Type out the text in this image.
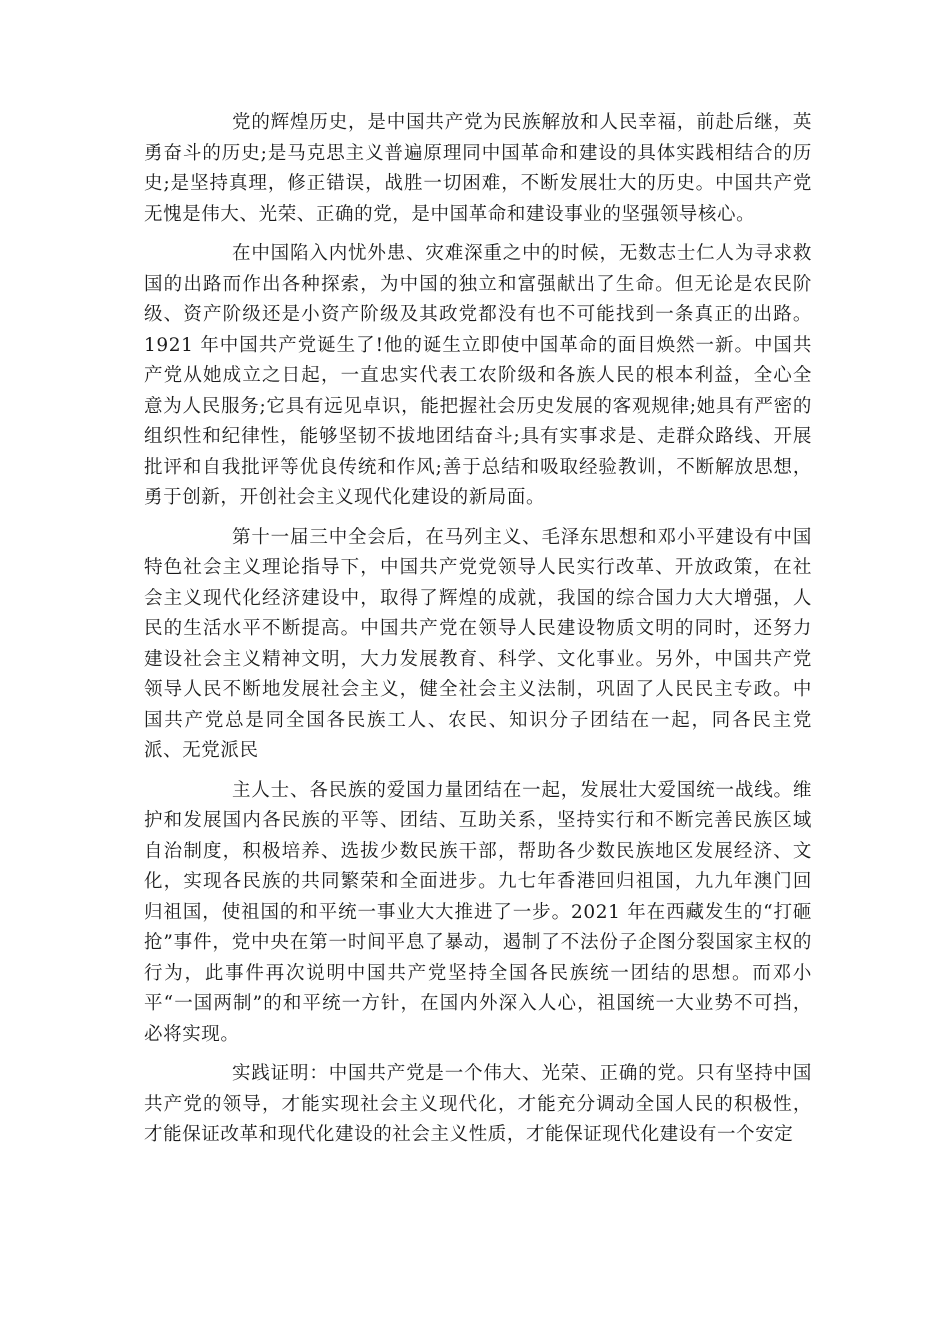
党的辉煌历史，是中国共产党为民族解放和人民幸福，前赴后继，英勇奋斗的历史;是马克思主义普遍原理同中国革命和建设的具体实践相结合的历史;是坚持真理，修正错误，战胜一切困难，不断发展壮大的历史。中国共产党无愧是伟大、光荣、正确的党，是中国革命和建设事业的坚强领导核心。

在中国陷入内忧外患、灾难深重之中的时候，无数志士仁人为寻求救国的出路而作出各种探索，为中国的独立和富强献出了生命。但无论是农民阶级、资产阶级还是小资产阶级及其政党都没有也不可能找到一条真正的出路。1921 年中国共产党诞生了!他的诞生立即使中国革命的面目焕然一新。中国共产党从她成立之日起，一直忠实代表工农阶级和各族人民的根本利益，全心全意为人民服务;它具有远见卓识，能把握社会历史发展的客观规律;她具有严密的组织性和纪律性，能够坚韧不拔地团结奋斗;具有实事求是、走群众路线、开展批评和自我批评等优良传统和作风;善于总结和吸取经验教训，不断解放思想，勇于创新，开创社会主义现代化建设的新局面。

第十一届三中全会后，在马列主义、毛泽东思想和邓小平建设有中国特色社会主义理论指导下，中国共产党党领导人民实行改革、开放政策，在社会主义现代化经济建设中，取得了辉煌的成就，我国的综合国力大大增强，人民的生活水平不断提高。中国共产党在领导人民建设物质文明的同时，还努力建设社会主义精神文明，大力发展教育、科学、文化事业。另外，中国共产党领导人民不断地发展社会主义，健全社会主义法制，巩固了人民民主专政。中国共产党总是同全国各民族工人、农民、知识分子团结在一起，同各民主党派、无党派民

主人士、各民族的爱国力量团结在一起，发展壮大爱国统一战线。维护和发展国内各民族的平等、团结、互助关系，坚持实行和不断完善民族区域自治制度，积极培养、选拔少数民族干部，帮助各少数民族地区发展经济、文化，实现各民族的共同繁荣和全面进步。九七年香港回归祖国，九九年澳门回归祖国，使祖国的和平统一事业大大推进了一步。2021 年在西藏发生的“打砸抢”事件，党中央在第一时间平息了暴动，遏制了不法份子企图分裂国家主权的行为，此事件再次说明中国共产党坚持全国各民族统一团结的思想。而邓小平“一国两制”的和平统一方针，在国内外深入人心，祖国统一大业势不可挡，必将实现。

实践证明：中国共产党是一个伟大、光荣、正确的党。只有坚持中国共产党的领导，才能实现社会主义现代化，才能充分调动全国人民的积极性，才能保证改革和现代化建设的社会主义性质，才能保证现代化建设有一个安定
